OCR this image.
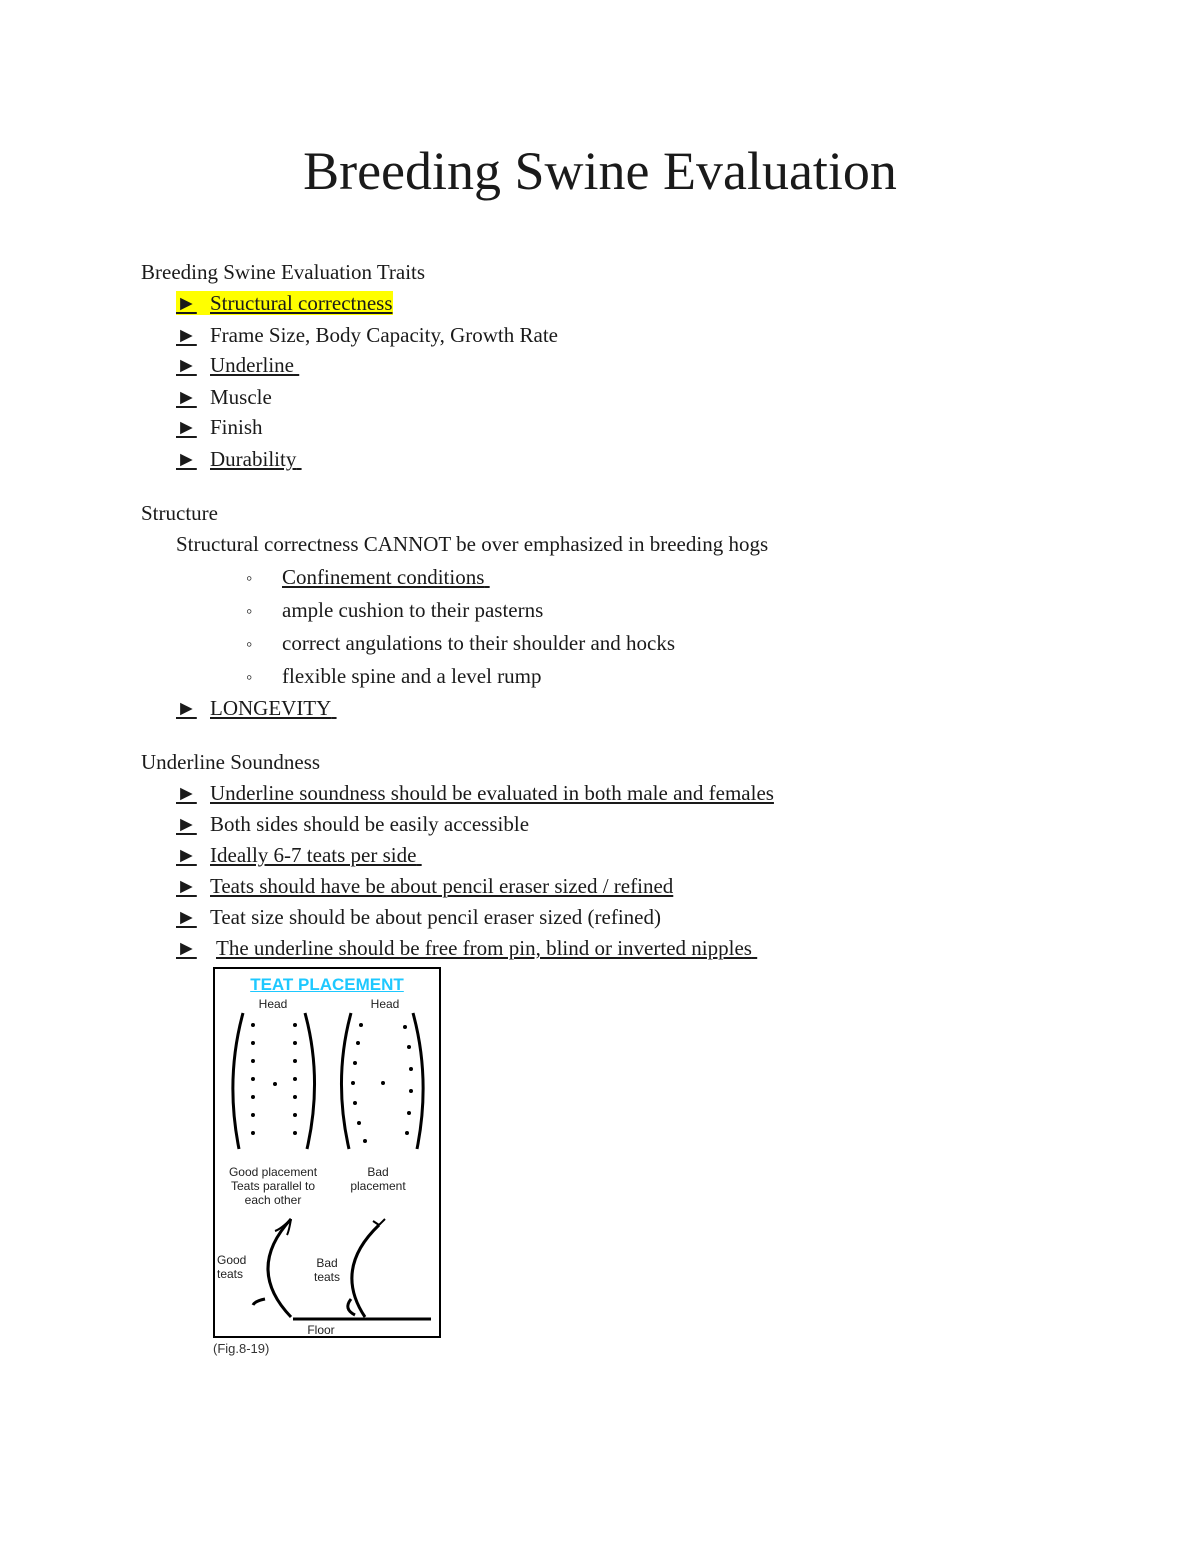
Breeding Swine Evaluation
Breeding Swine Evaluation Traits
► Structural correctness
► Frame Size, Body Capacity, Growth Rate
► Underline
► Muscle
► Finish
► Durability
Structure
Structural correctness CANNOT be over emphasized in breeding hogs
◦ Confinement conditions
◦ ample cushion to their pasterns
◦ correct angulations to their shoulder and hocks
◦ flexible spine and a level rump
► LONGEVITY
Underline Soundness
► Underline soundness should be evaluated in both male and females
► Both sides should be easily accessible
► Ideally 6-7 teats per side
► Teats should have be about pencil eraser sized / refined
► Teat size should be about pencil eraser sized (refined)
► The underline should be free from pin, blind or inverted nipples
TEAT PLACEMENT
Head	Head
Good placement
Teats parallel to
each other
Bad
placement
Good
teats
Bad
teats
Floor
(Fig.8-19)
